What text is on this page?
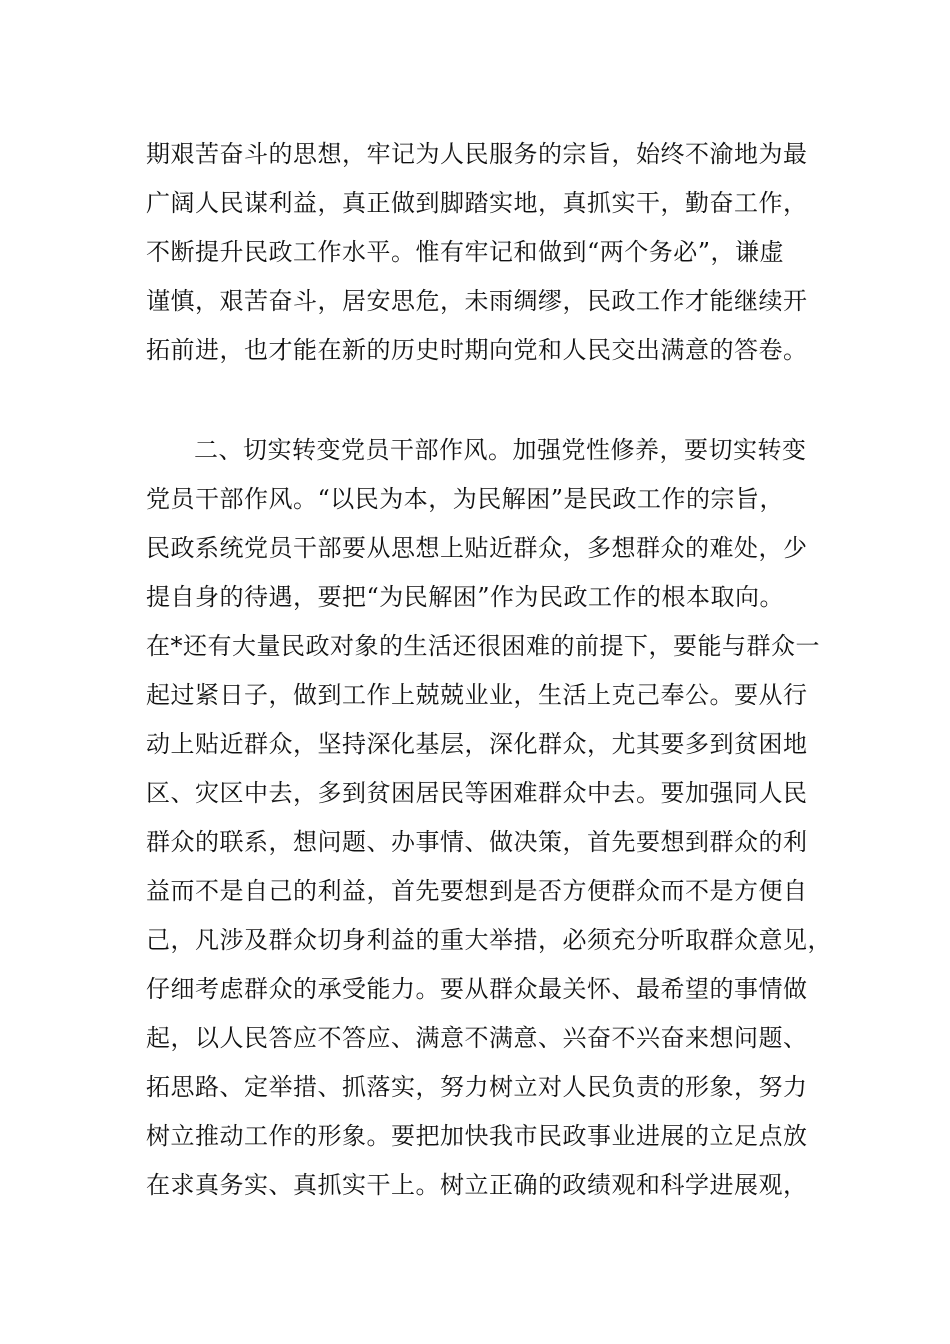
期艰苦奋斗的思想，牢记为人民服务的宗旨，始终不渝地为最
广阔人民谋利益，真正做到脚踏实地，真抓实干，勤奋工作，
不断提升民政工作水平。惟有牢记和做到“两个务必”，谦虚
谨慎，艰苦奋斗，居安思危，未雨绸缪，民政工作才能继续开
拓前进，也才能在新的历史时期向党和人民交出满意的答卷。
二、切实转变党员干部作风。加强党性修养，要切实转变
党员干部作风。“以民为本，为民解困”是民政工作的宗旨，
民政系统党员干部要从思想上贴近群众，多想群众的难处，少
提自身的待遇，要把“为民解困”作为民政工作的根本取向。
在*还有大量民政对象的生活还很困难的前提下，要能与群众一
起过紧日子，做到工作上兢兢业业，生活上克己奉公。要从行
动上贴近群众，坚持深化基层，深化群众，尤其要多到贫困地
区、灾区中去，多到贫困居民等困难群众中去。要加强同人民
群众的联系，想问题、办事情、做决策，首先要想到群众的利
益而不是自己的利益，首先要想到是否方便群众而不是方便自
己，凡涉及群众切身利益的重大举措，必须充分听取群众意见，
仔细考虑群众的承受能力。要从群众最关怀、最希望的事情做
起，以人民答应不答应、满意不满意、兴奋不兴奋来想问题、
拓思路、定举措、抓落实，努力树立对人民负责的形象，努力
树立推动工作的形象。要把加快我市民政事业进展的立足点放
在求真务实、真抓实干上。树立正确的政绩观和科学进展观，
